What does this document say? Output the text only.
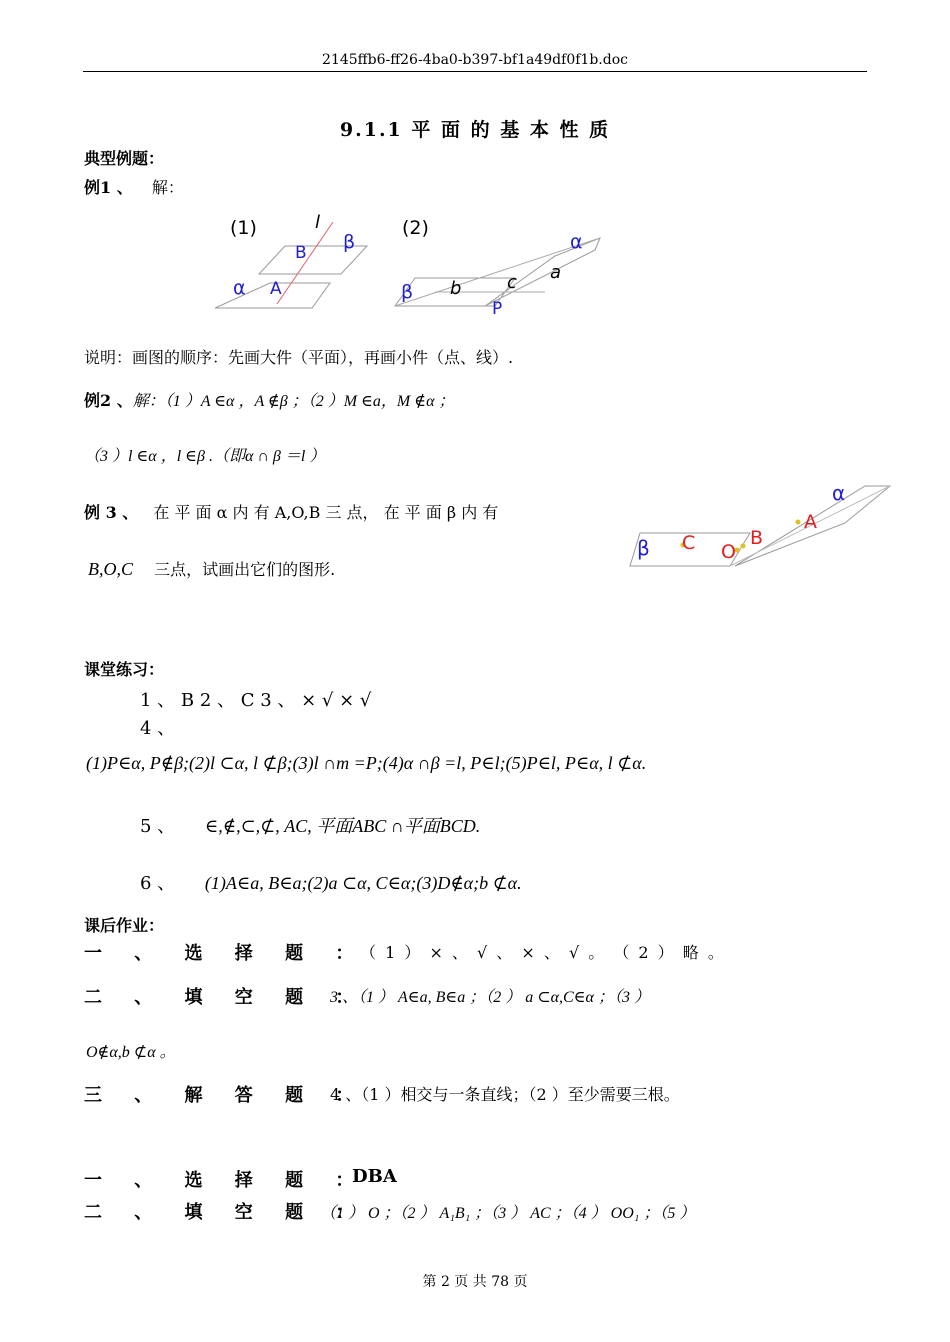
2145ffb6-ff26-4ba0-b397-bf1a49df0f1b.doc
9.1.1 平 面 的 基 本 性 质
典型例题：
例1 、 解：
(1)	l
B β
α A
(2)
α
β
a
b	c
P
说明：画图的顺序：先画大件（平面），再画小件（点、线）.
例2 、解：（1 ）A ∈α ，A ∉β ；（2 ）M ∈a，M ∉α ；
（3 ）l ∈α ，l ∈β .（即α ∩ β ＝l ）
例 3 、 在 平 面 α 内 有 A,O,B 三 点， 在 平 面 β 内 有
B,O,C 三点，试画出它们的图形.
α
β
A
B
O
C
课堂练习：
1 、 B 2 、 C 3 、 × √ × √
4 、
(1)P∈α, P∉β;(2)l ⊂α, l ⊄β;(3)l ∩m =P;(4)α ∩β =l, P∈l;(5)P∈l, P∈α, l ⊄α.
5 、 ∈,∉,⊂,⊄, AC, 平面ABC ∩平面BCD.
6 、 (1)A∈a, B∈a;(2)a ⊂α, C∈α;(3)D∉α;b ⊄α.
课后作业：
一 、 选 择 题 ：
（ 1 ） × 、 √ 、 × 、 √ 。 （ 2 ） 略 。
二 、 填 空 题 ：
3 、（1 ） A∈a, B∈a ；（2 ） a ⊂α,C∈α ；（3 ）
O∉α,b ⊄α 。
三 、 解 答 题 ：
4 、（1 ）相交与一条直线；（2 ）至少需要三根。
一 、 选 择 题 ：
DBA
二 、 填 空 题 ：
（1 ） O ；（2 ） A₁B₁ ；（3 ） AC ；（4 ） OO₁ ；（5 ）
第 2 页 共 78 页
